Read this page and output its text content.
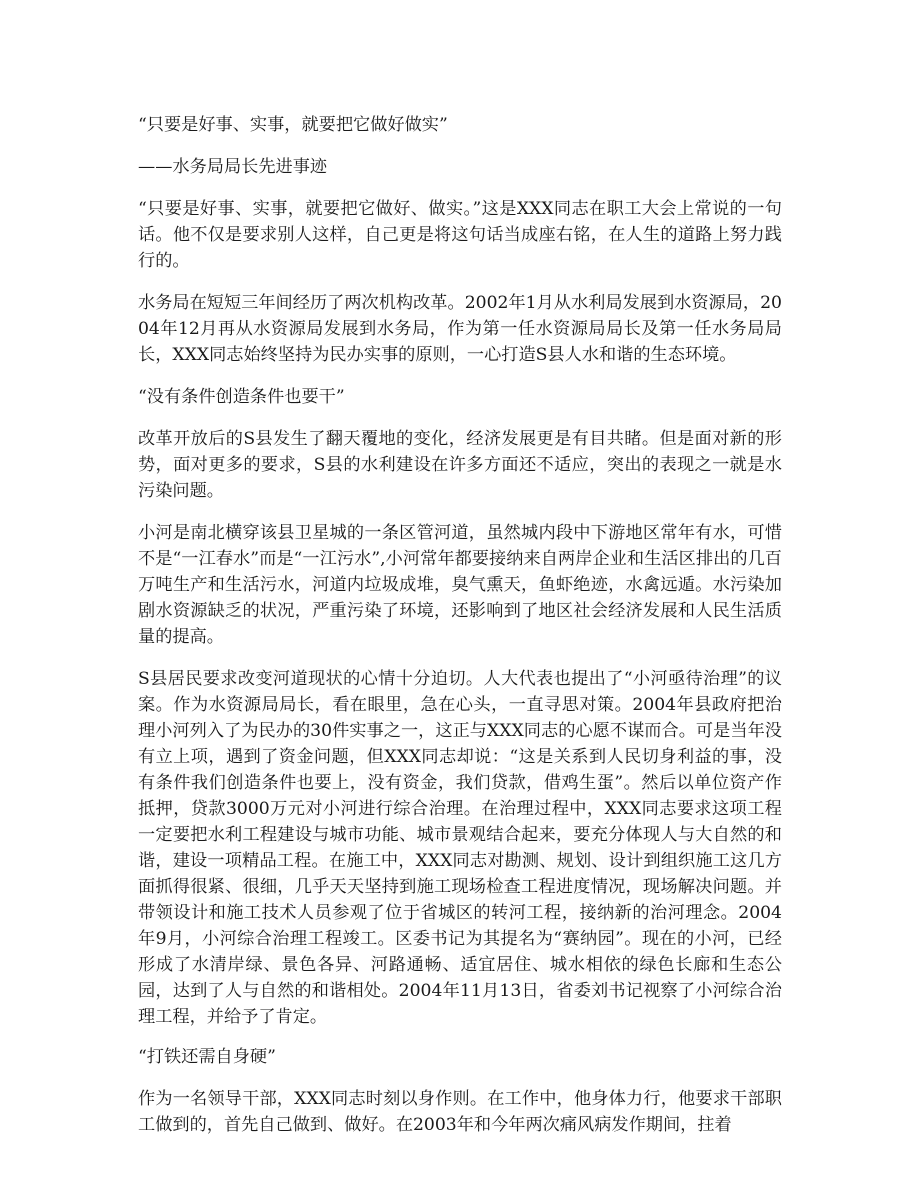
“只要是好事、实事，就要把它做好做实”

——水务局局长先进事迹

“只要是好事、实事，就要把它做好、做实。”这是XXX同志在职工大会上常说的一句话。他不仅是要求别人这样，自己更是将这句话当成座右铭，在人生的道路上努力践行的。

水务局在短短三年间经历了两次机构改革。2002年1月从水利局发展到水资源局，2004年12月再从水资源局发展到水务局，作为第一任水资源局局长及第一任水务局局长，XXX同志始终坚持为民办实事的原则，一心打造S县人水和谐的生态环境。

“没有条件创造条件也要干”

改革开放后的S县发生了翻天覆地的变化，经济发展更是有目共睹。但是面对新的形势，面对更多的要求，S县的水利建设在许多方面还不适应，突出的表现之一就是水污染问题。

小河是南北横穿该县卫星城的一条区管河道，虽然城内段中下游地区常年有水，可惜不是“一江春水”而是“一江污水”,小河常年都要接纳来自两岸企业和生活区排出的几百万吨生产和生活污水，河道内垃圾成堆，臭气熏天，鱼虾绝迹，水禽远遁。水污染加剧水资源缺乏的状况，严重污染了环境，还影响到了地区社会经济发展和人民生活质量的提高。

S县居民要求改变河道现状的心情十分迫切。人大代表也提出了“小河亟待治理”的议案。作为水资源局局长，看在眼里，急在心头，一直寻思对策。2004年县政府把治理小河列入了为民办的30件实事之一，这正与XXX同志的心愿不谋而合。可是当年没有立上项，遇到了资金问题，但XXX同志却说：“这是关系到人民切身利益的事，没有条件我们创造条件也要上，没有资金，我们贷款，借鸡生蛋”。然后以单位资产作抵押，贷款3000万元对小河进行综合治理。在治理过程中，XXX同志要求这项工程一定要把水利工程建设与城市功能、城市景观结合起来，要充分体现人与大自然的和谐，建设一项精品工程。在施工中，XXX同志对勘测、规划、设计到组织施工这几方面抓得很紧、很细，几乎天天坚持到施工现场检查工程进度情况，现场解决问题。并带领设计和施工技术人员参观了位于省城区的转河工程，接纳新的治河理念。2004年9月，小河综合治理工程竣工。区委书记为其提名为“赛纳园”。现在的小河，已经形成了水清岸绿、景色各异、河路通畅、适宜居住、城水相依的绿色长廊和生态公园，达到了人与自然的和谐相处。2004年11月13日，省委刘书记视察了小河综合治理工程，并给予了肯定。

“打铁还需自身硬”

作为一名领导干部，XXX同志时刻以身作则。在工作中，他身体力行，他要求干部职工做到的，首先自己做到、做好。在2003年和今年两次痛风病发作期间，拄着
